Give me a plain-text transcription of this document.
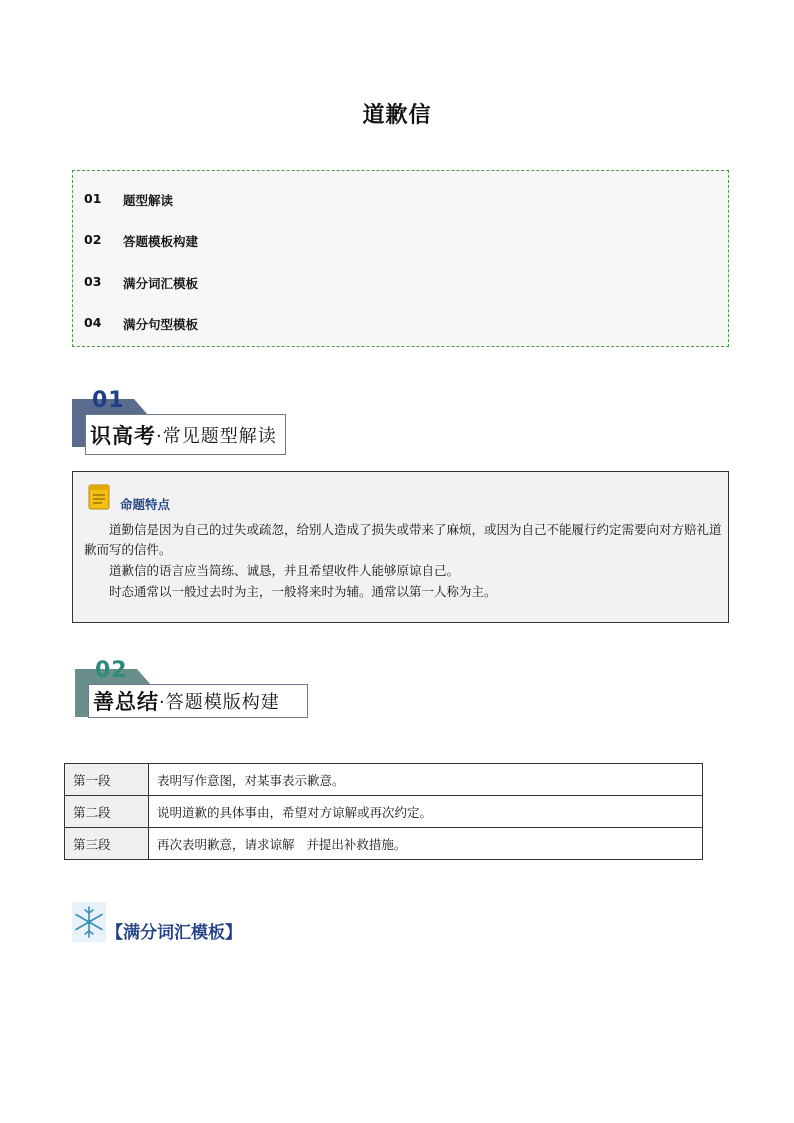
道歉信
01	题型解读
02	答题模板构建
03	满分词汇模板
04	满分句型模板
01
识高考 ·常见题型解读
命题特点
道勤信是因为自己的过失或疏忽，给别人造成了损失或带来了麻烦，或因为自己不能履行约定需要向对方赔礼道歉而写的信件。
道歉信的语言应当简练、诚恳，并且希望收件人能够原谅自己。
时态通常以一般过去时为主，一般将来时为辅。通常以第一人称为主。
02
善总结 ·答题模版构建
第一段	表明写作意图，对某事表示歉意。
第二段	说明道歉的具体事由，希望对方谅解或再次约定。
第三段	再次表明歉意，请求谅解   并提出补救措施。
【满分词汇模板】
